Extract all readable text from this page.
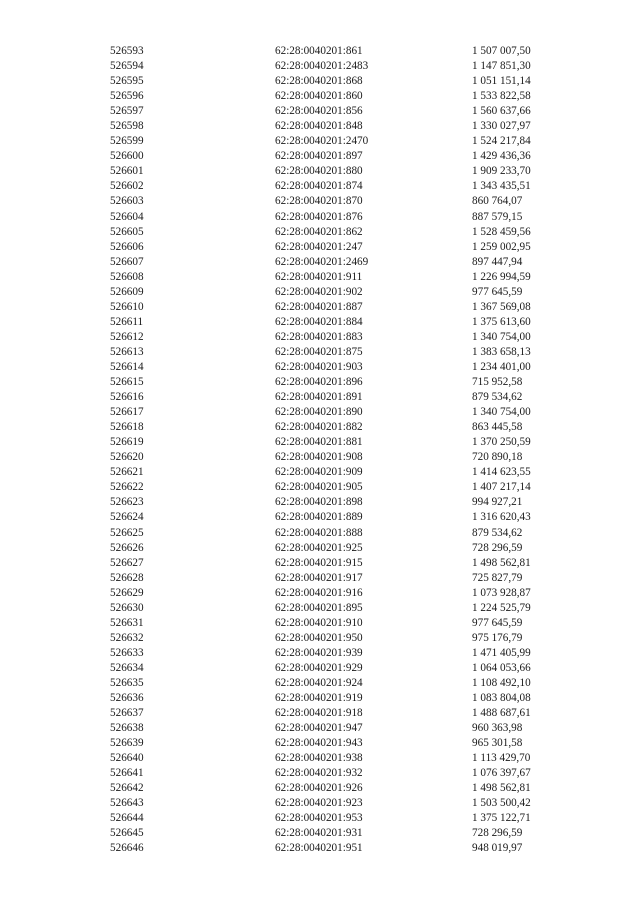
526593	62:28:0040201:861	1 507 007,50
526594	62:28:0040201:2483	1 147 851,30
526595	62:28:0040201:868	1 051 151,14
526596	62:28:0040201:860	1 533 822,58
526597	62:28:0040201:856	1 560 637,66
526598	62:28:0040201:848	1 330 027,97
526599	62:28:0040201:2470	1 524 217,84
526600	62:28:0040201:897	1 429 436,36
526601	62:28:0040201:880	1 909 233,70
526602	62:28:0040201:874	1 343 435,51
526603	62:28:0040201:870	860 764,07
526604	62:28:0040201:876	887 579,15
526605	62:28:0040201:862	1 528 459,56
526606	62:28:0040201:247	1 259 002,95
526607	62:28:0040201:2469	897 447,94
526608	62:28:0040201:911	1 226 994,59
526609	62:28:0040201:902	977 645,59
526610	62:28:0040201:887	1 367 569,08
526611	62:28:0040201:884	1 375 613,60
526612	62:28:0040201:883	1 340 754,00
526613	62:28:0040201:875	1 383 658,13
526614	62:28:0040201:903	1 234 401,00
526615	62:28:0040201:896	715 952,58
526616	62:28:0040201:891	879 534,62
526617	62:28:0040201:890	1 340 754,00
526618	62:28:0040201:882	863 445,58
526619	62:28:0040201:881	1 370 250,59
526620	62:28:0040201:908	720 890,18
526621	62:28:0040201:909	1 414 623,55
526622	62:28:0040201:905	1 407 217,14
526623	62:28:0040201:898	994 927,21
526624	62:28:0040201:889	1 316 620,43
526625	62:28:0040201:888	879 534,62
526626	62:28:0040201:925	728 296,59
526627	62:28:0040201:915	1 498 562,81
526628	62:28:0040201:917	725 827,79
526629	62:28:0040201:916	1 073 928,87
526630	62:28:0040201:895	1 224 525,79
526631	62:28:0040201:910	977 645,59
526632	62:28:0040201:950	975 176,79
526633	62:28:0040201:939	1 471 405,99
526634	62:28:0040201:929	1 064 053,66
526635	62:28:0040201:924	1 108 492,10
526636	62:28:0040201:919	1 083 804,08
526637	62:28:0040201:918	1 488 687,61
526638	62:28:0040201:947	960 363,98
526639	62:28:0040201:943	965 301,58
526640	62:28:0040201:938	1 113 429,70
526641	62:28:0040201:932	1 076 397,67
526642	62:28:0040201:926	1 498 562,81
526643	62:28:0040201:923	1 503 500,42
526644	62:28:0040201:953	1 375 122,71
526645	62:28:0040201:931	728 296,59
526646	62:28:0040201:951	948 019,97
